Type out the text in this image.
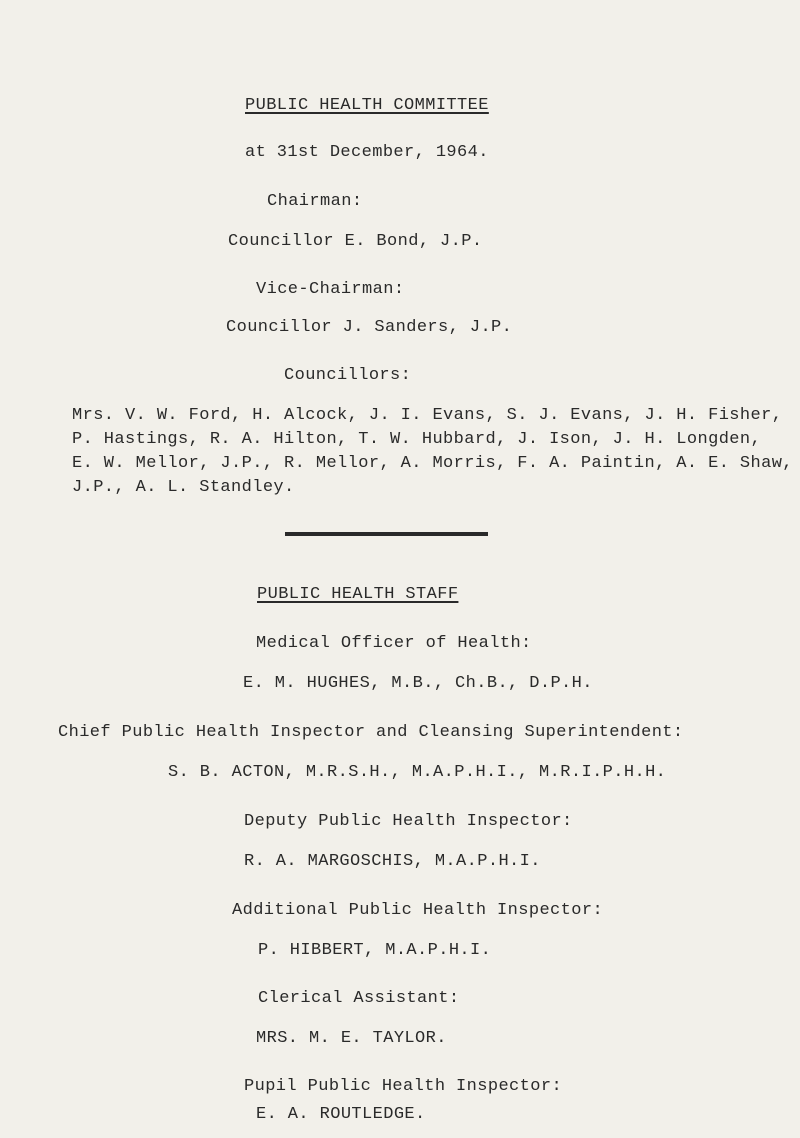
PUBLIC HEALTH COMMITTEE
at 31st December, 1964.
Chairman:
Councillor E. Bond, J.P.
Vice-Chairman:
Councillor J. Sanders, J.P.
Councillors:
Mrs. V. W. Ford, H. Alcock, J. I. Evans, S. J. Evans, J. H. Fisher,
P. Hastings, R. A. Hilton, T. W. Hubbard, J. Ison, J. H. Longden,
E. W. Mellor, J.P., R. Mellor, A. Morris, F. A. Paintin, A. E. Shaw,
J.P., A. L. Standley.
PUBLIC HEALTH STAFF
Medical Officer of Health:
E. M. HUGHES, M.B., Ch.B., D.P.H.
Chief Public Health Inspector and Cleansing Superintendent:
S. B. ACTON, M.R.S.H., M.A.P.H.I., M.R.I.P.H.H.
Deputy Public Health Inspector:
R. A. MARGOSCHIS, M.A.P.H.I.
Additional Public Health Inspector:
P. HIBBERT, M.A.P.H.I.
Clerical Assistant:
MRS. M. E. TAYLOR.
Pupil Public Health Inspector:
E. A. ROUTLEDGE.
